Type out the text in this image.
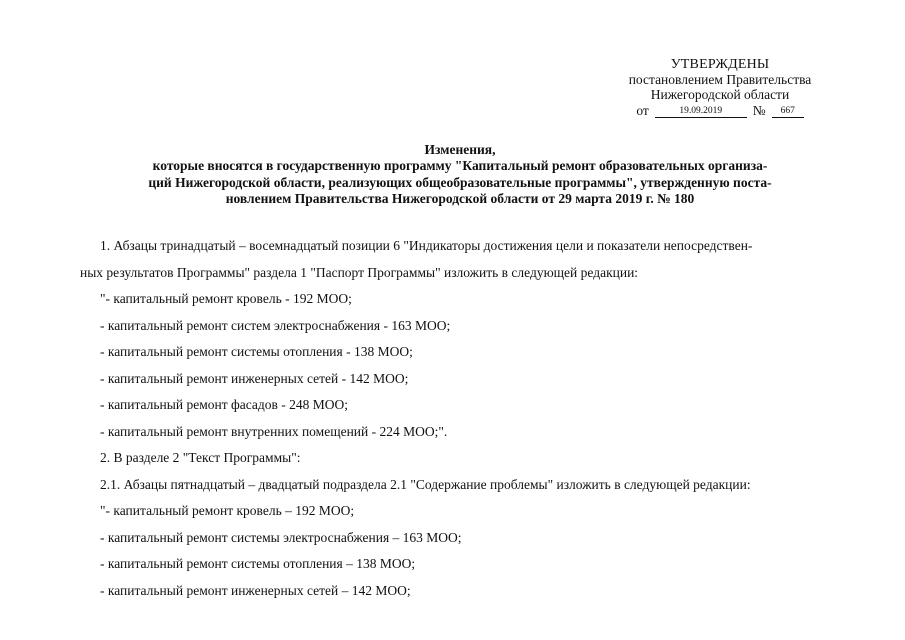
УТВЕРЖДЕНЫ
постановлением Правительства
Нижегородской области
от	19.09.2019	№	667
Изменения,
которые вносятся в государственную программу "Капитальный ремонт образовательных организа-
ций Нижегородской области, реализующих общеобразовательные программы", утвержденную поста-
новлением Правительства Нижегородской области от 29 марта 2019 г. № 180

1. Абзацы тринадцатый – восемнадцатый позиции 6 "Индикаторы достижения цели и показатели непосредствен-

ных результатов Программы" раздела 1 "Паспорт Программы" изложить в следующей редакции:

"- капитальный ремонт кровель - 192 МОО;

- капитальный ремонт систем электроснабжения - 163 МОО;

- капитальный ремонт системы отопления - 138 МОО;

- капитальный ремонт инженерных сетей - 142 МОО;

- капитальный ремонт фасадов - 248 МОО;

- капитальный ремонт внутренних помещений - 224 МОО;".

2. В разделе 2 "Текст Программы":

2.1. Абзацы пятнадцатый – двадцатый подраздела 2.1 "Содержание проблемы" изложить в следующей редакции:

"- капитальный ремонт кровель – 192 МОО;

- капитальный ремонт системы электроснабжения – 163 МОО;

- капитальный ремонт системы отопления – 138 МОО;

- капитальный ремонт инженерных сетей – 142 МОО;
